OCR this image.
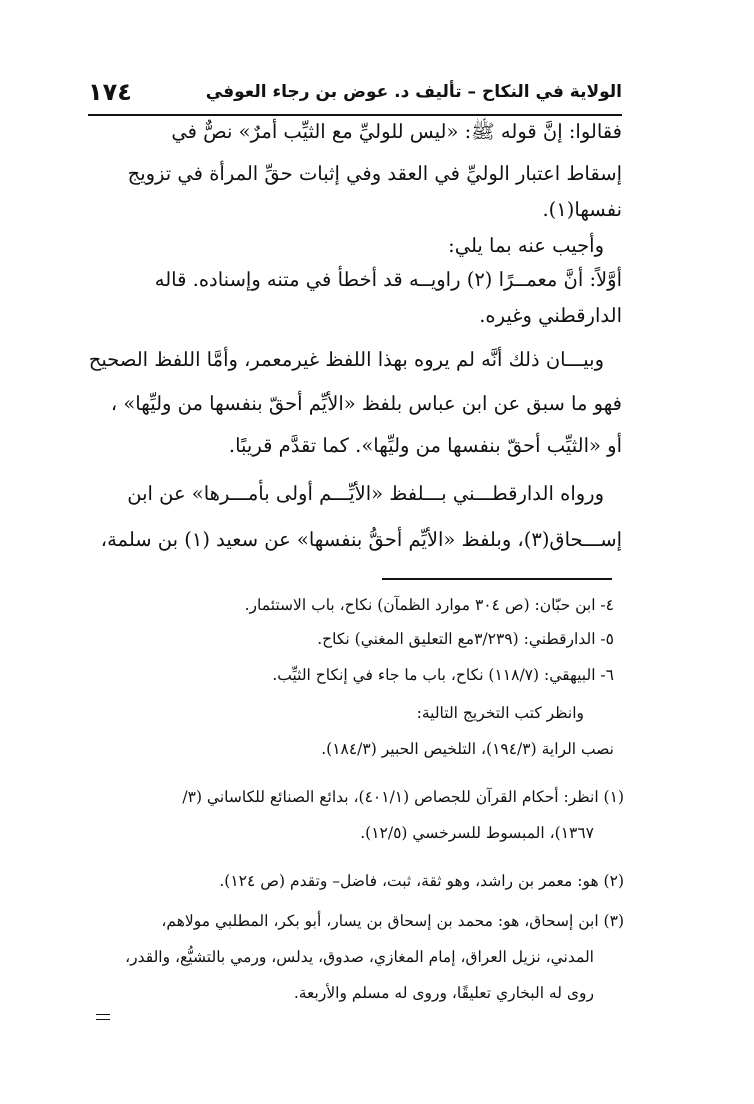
الولاية في النكاح – تأليف د. عوض بن رجاء العوفي
١٧٤
فقالوا: إنَّ قوله ﷺ: «ليس للوليِّ مع الثيِّب أمرٌ» نصٌّ في
إسقاط اعتبار الوليِّ في العقد وفي إثبات حقِّ المرأة في تزويج
نفسها(١).
وأجيب عنه بما يلي:
أوَّلاً: أنَّ معمــرًا (٢) راويــه قد أخطأ في متنه وإسناده. قاله
الدارقطني وغيره.
وبيـــان ذلك أنَّه لم يروه بهذا اللفظ غيرمعمر، وأمَّا اللفظ الصحيح
فهو ما سبق عن ابن عباس بلفظ «الأيِّم أحقّ بنفسها من وليِّها» ،
أو «الثيِّب أحقّ بنفسها من وليِّها». كما تقدَّم قريبًا.
ورواه الدارقطـــني بـــلفظ «الأيِّـــم أولى بأمـــرها» عن ابن
إســـحاق(٣)، وبلفظ «الأيِّم أحقُّ بنفسها» عن سعيد (١) بن سلمة،
٤- ابن حبّان: (ص ٣٠٤ موارد الظمآن) نكاح، باب الاستئمار.
٥- الدارقطني: (٣/٢٣٩مع التعليق المغني) نكاح.
٦- البيهقي: (١١٨/٧) نكاح، باب ما جاء في إنكاح الثيِّب.
وانظر كتب التخريج التالية:
نصب الراية (١٩٤/٣)، التلخيص الحبير (١٨٤/٣).
(١) انظر: أحكام القرآن للجصاص (٤٠١/١)، بدائع الصنائع للكاساني (٣/
١٣٦٧)، المبسوط للسرخسي (١٢/٥).
(٢) هو: معمر بن راشد، وهو ثقة، ثبت، فاضل– وتقدم (ص ١٢٤).
(٣) ابن إسحاق، هو: محمد بن إسحاق بن يسار، أبو بكر، المطلبي مولاهم،
المدني، نزيل العراق، إمام المغازي، صدوق، يدلس، ورمي بالتشيُّع، والقدر،
روى له البخاري تعليقًا، وروى له مسلم والأربعة.
